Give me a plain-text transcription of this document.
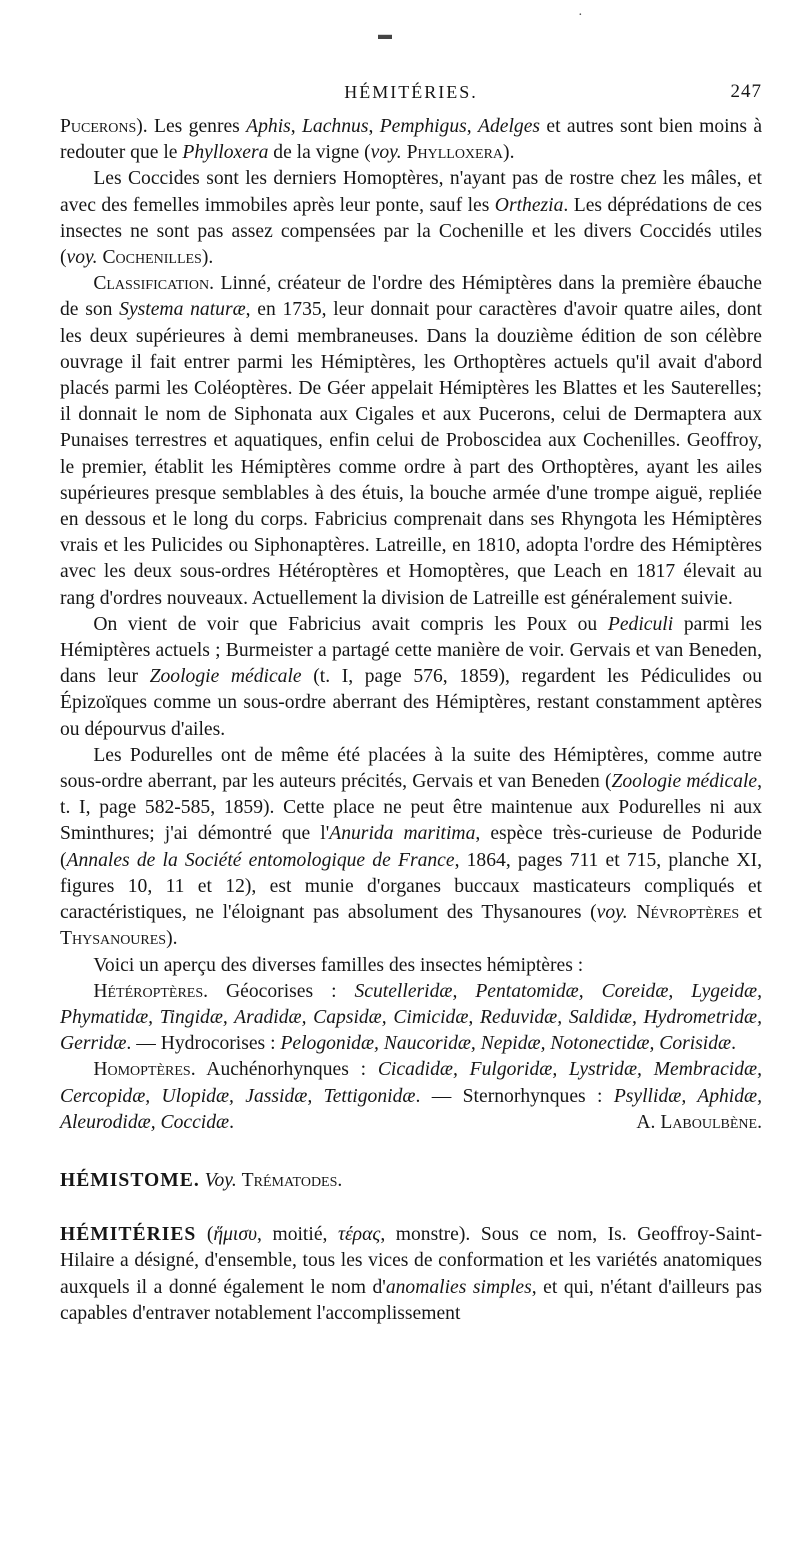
▬
·
HÉMITÉRIES.	247

Pucerons). Les genres Aphis, Lachnus, Pemphigus, Adelges et autres sont bien moins à redouter que le Phylloxera de la vigne (voy. Phylloxera).

Les Coccides sont les derniers Homoptères, n'ayant pas de rostre chez les mâles, et avec des femelles immobiles après leur ponte, sauf les Orthezia. Les déprédations de ces insectes ne sont pas assez compensées par la Cochenille et les divers Coccidés utiles (voy. Cochenilles).

Classification. Linné, créateur de l'ordre des Hémiptères dans la première ébauche de son Systema naturæ, en 1735, leur donnait pour caractères d'avoir quatre ailes, dont les deux supérieures à demi membraneuses. Dans la douzième édition de son célèbre ouvrage il fait entrer parmi les Hémiptères, les Orthoptères actuels qu'il avait d'abord placés parmi les Coléoptères. De Géer appelait Hémiptères les Blattes et les Sauterelles; il donnait le nom de Siphonata aux Cigales et aux Pucerons, celui de Dermaptera aux Punaises terrestres et aquatiques, enfin celui de Proboscidea aux Cochenilles. Geoffroy, le premier, établit les Hémiptères comme ordre à part des Orthoptères, ayant les ailes supérieures presque semblables à des étuis, la bouche armée d'une trompe aiguë, repliée en dessous et le long du corps. Fabricius comprenait dans ses Rhyngota les Hémiptères vrais et les Pulicides ou Siphonaptères. Latreille, en 1810, adopta l'ordre des Hémiptères avec les deux sous-ordres Hétéroptères et Homoptères, que Leach en 1817 élevait au rang d'ordres nouveaux. Actuellement la division de Latreille est généralement suivie.

On vient de voir que Fabricius avait compris les Poux ou Pediculi parmi les Hémiptères actuels ; Burmeister a partagé cette manière de voir. Gervais et van Beneden, dans leur Zoologie médicale (t. I, page 576, 1859), regardent les Pédiculides ou Épizoïques comme un sous-ordre aberrant des Hémiptères, restant constamment aptères ou dépourvus d'ailes.

Les Podurelles ont de même été placées à la suite des Hémiptères, comme autre sous-ordre aberrant, par les auteurs précités, Gervais et van Beneden (Zoologie médicale, t. I, page 582-585, 1859). Cette place ne peut être maintenue aux Podurelles ni aux Sminthures; j'ai démontré que l'Anurida maritima, espèce très-curieuse de Poduride (Annales de la Société entomologique de France, 1864, pages 711 et 715, planche XI, figures 10, 11 et 12), est munie d'organes buccaux masticateurs compliqués et caractéristiques, ne l'éloignant pas absolument des Thysanoures (voy. Névroptères et Thysanoures).

Voici un aperçu des diverses familles des insectes hémiptères :

Hétéroptères. Géocorises : Scutelleridæ, Pentatomidæ, Coreidæ, Lygeidæ, Phymatidæ, Tingidæ, Aradidæ, Capsidæ, Cimicidæ, Reduvidæ, Saldidæ, Hydrometridæ, Gerridæ. — Hydrocorises : Pelogonidæ, Naucoridæ, Nepidæ, Notonectidæ, Corisidæ.

Homoptères. Auchénorhynques : Cicadidæ, Fulgoridæ, Lystridæ, Membracidæ, Cercopidæ, Ulopidæ, Jassidæ, Tettigonidæ. — Sternorhynques : Psyllidæ, Aphidæ, Aleurodidæ, Coccidæ.	A. Laboulbène.

HÉMISTOME. Voy. Trématodes.

HÉMITÉRIES (ἥμισυ, moitié, τέρας, monstre). Sous ce nom, Is. Geoffroy-Saint-Hilaire a désigné, d'ensemble, tous les vices de conformation et les variétés anatomiques auxquels il a donné également le nom d'anomalies simples, et qui, n'étant d'ailleurs pas capables d'entraver notablement l'accomplissement
